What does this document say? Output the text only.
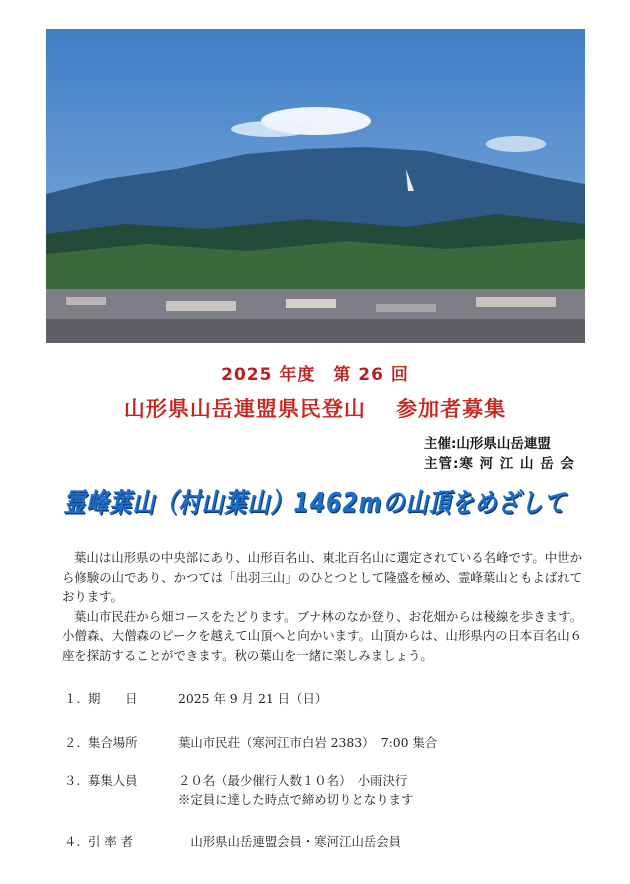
2025 年度　第 26 回
山形県山岳連盟県民登山　 参加者募集
主催:山形県山岳連盟
主管:寒 河 江 山 岳 会
霊峰葉山（村山葉山）1462mの山頂をめざして

葉山は山形県の中央部にあり、山形百名山、東北百名山に選定されている名峰です。中世から修験の山であり、かつては「出羽三山」のひとつとして隆盛を極め、霊峰葉山ともよばれております。

葉山市民荘から畑コースをたどります。ブナ林のなか登り、お花畑からは稜線を歩きます。小僧森、大僧森のピークを越えて山頂へと向かいます。山頂からは、山形県内の日本百名山６座を探訪することができます。秋の葉山を一緒に楽しみましょう。

１. 期　　日	2025 年 9 月 21 日（日）
２. 集合場所	葉山市民荘（寒河江市白岩 2383）　7:00 集合
３. 募集人員	２０名（最少催行人数１０名）　小雨決行
※定員に達した時点で締め切りとなります
４. 引 率 者	　山形県山岳連盟会員・寒河江山岳会員
